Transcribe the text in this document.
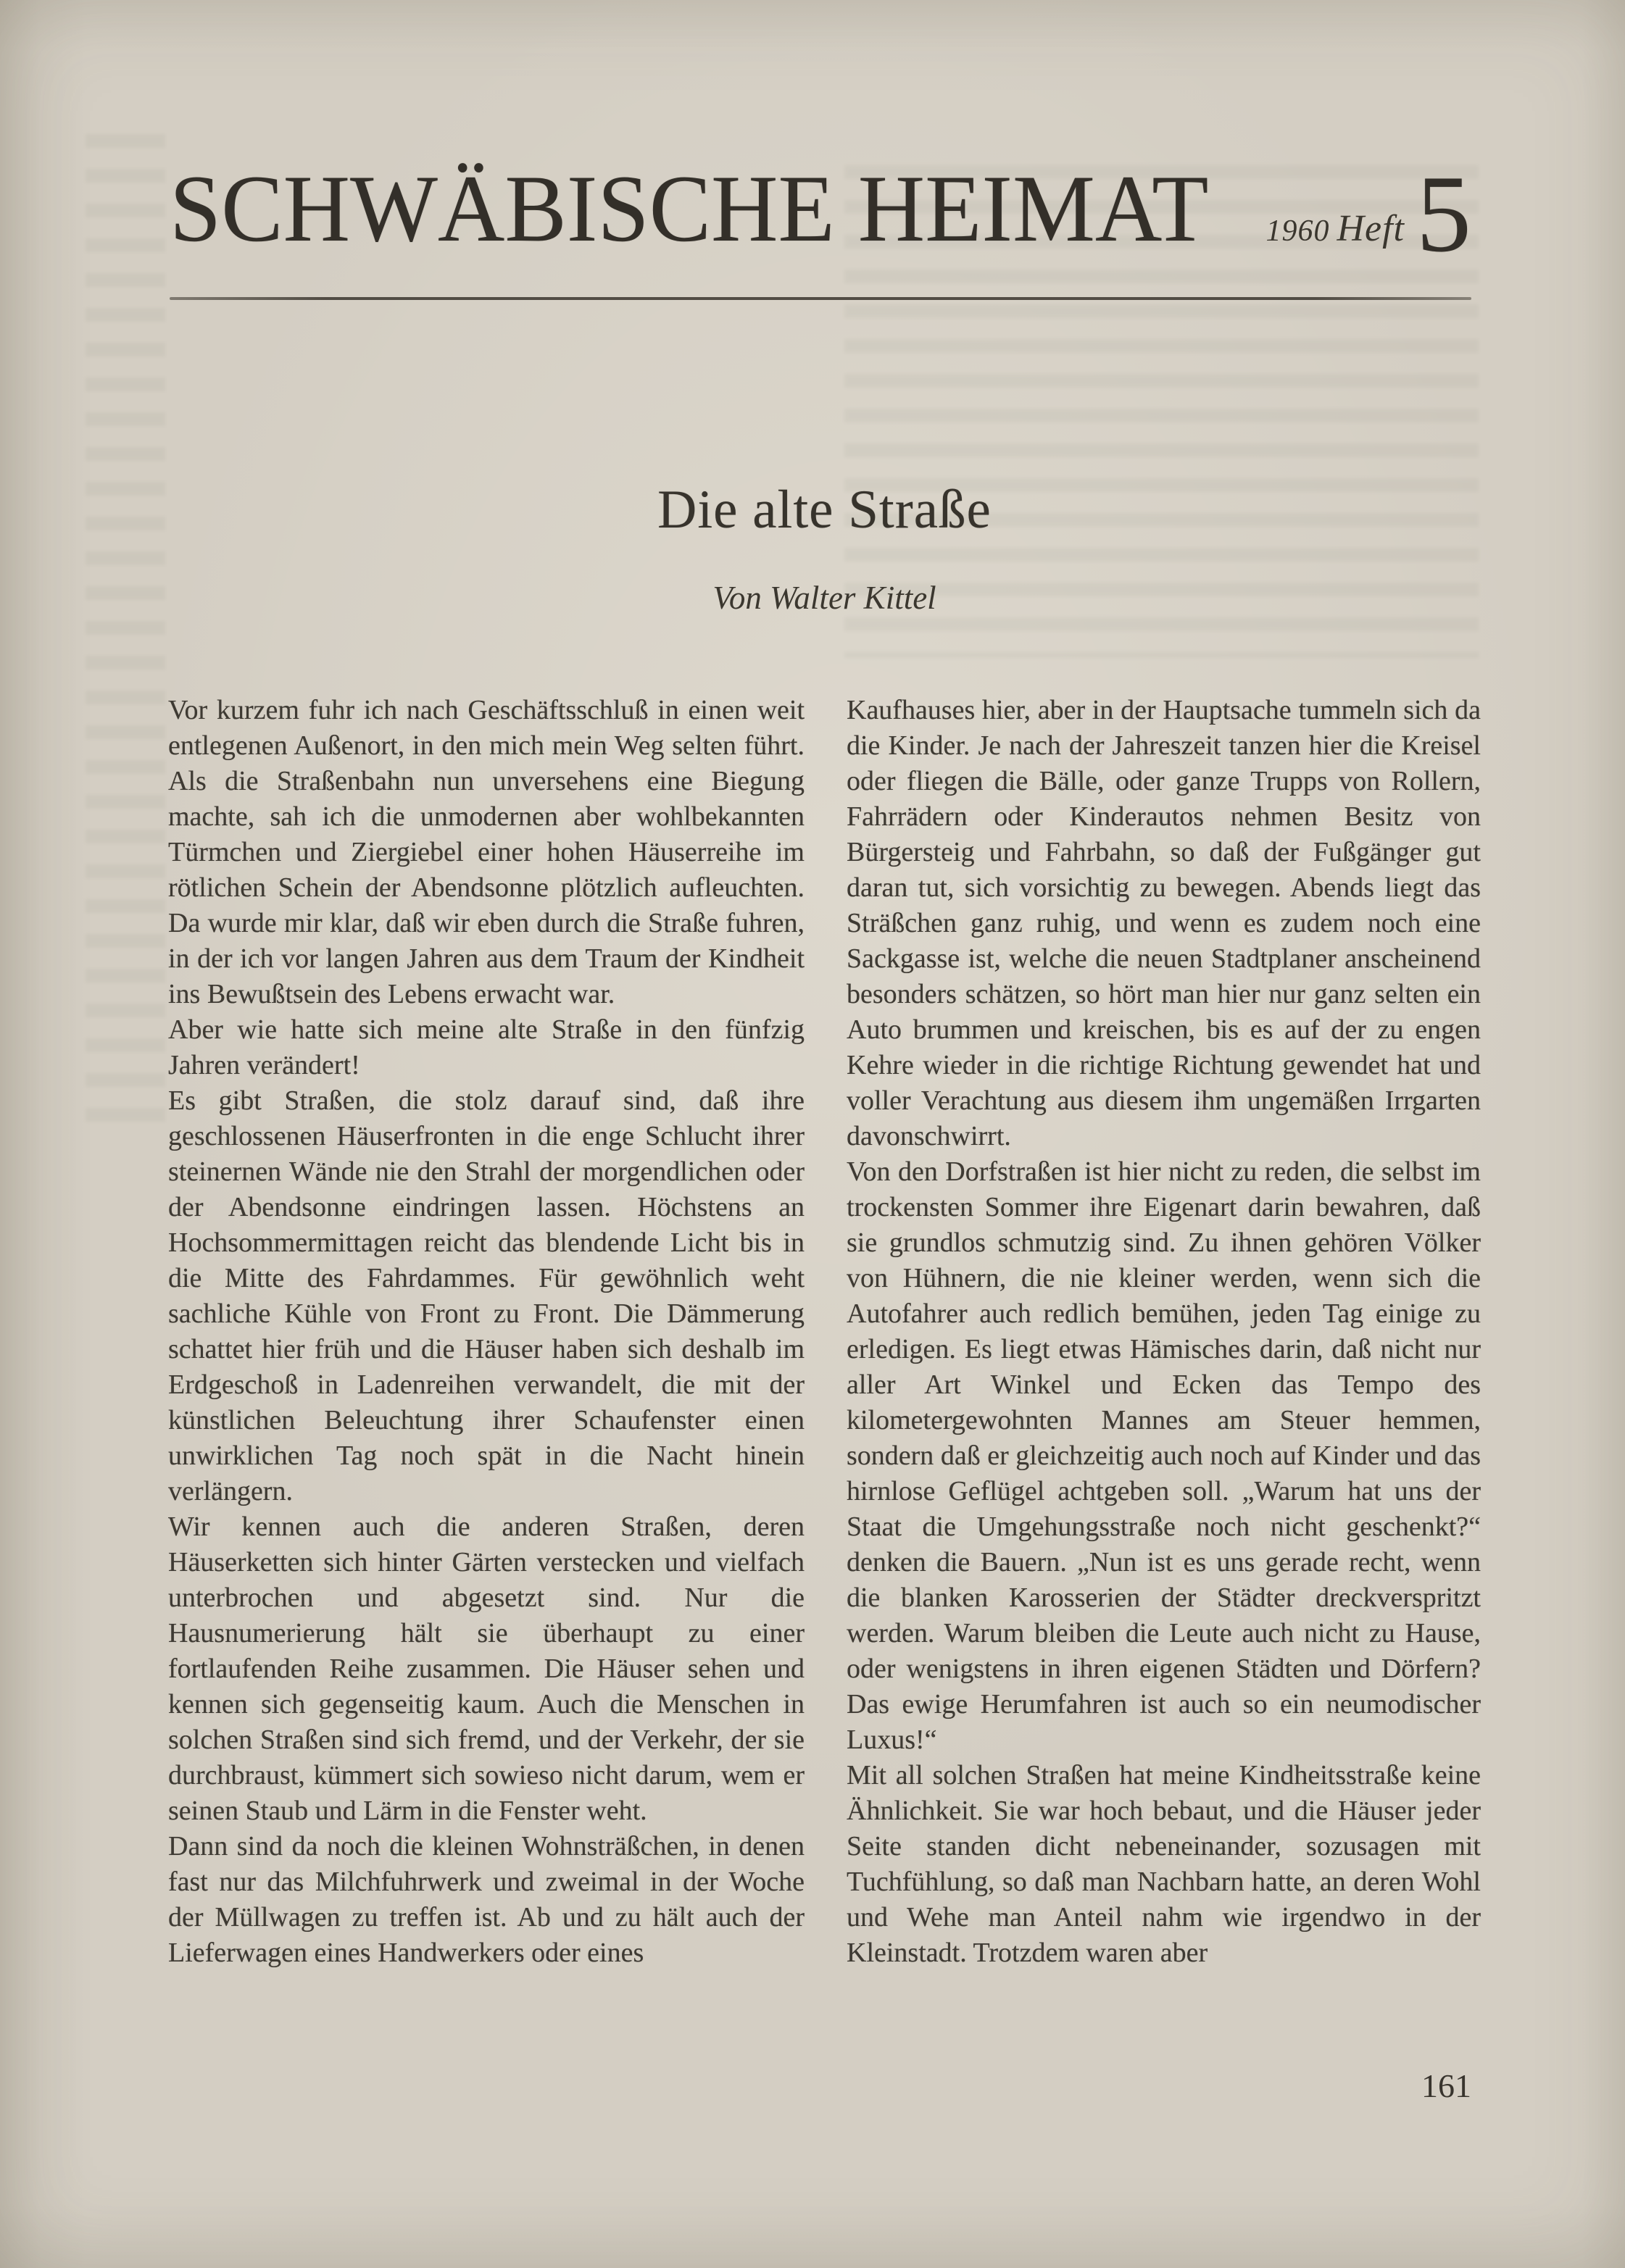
SCHWÄBISCHE HEIMAT 1960 Heft 5
Die alte Straße
Von Walter Kittel

Vor kurzem fuhr ich nach Geschäftsschluß in einen weit entlegenen Außenort, in den mich mein Weg selten führt. Als die Straßenbahn nun unversehens eine Biegung machte, sah ich die unmodernen aber wohlbekannten Türmchen und Ziergiebel einer hohen Häuserreihe im rötlichen Schein der Abendsonne plötzlich aufleuchten. Da wurde mir klar, daß wir eben durch die Straße fuhren, in der ich vor langen Jahren aus dem Traum der Kindheit ins Bewußtsein des Lebens erwacht war.

Aber wie hatte sich meine alte Straße in den fünfzig Jahren verändert!

Es gibt Straßen, die stolz darauf sind, daß ihre geschlossenen Häuserfronten in die enge Schlucht ihrer steinernen Wände nie den Strahl der morgendlichen oder der Abendsonne eindringen lassen. Höchstens an Hochsommermittagen reicht das blendende Licht bis in die Mitte des Fahrdammes. Für gewöhnlich weht sachliche Kühle von Front zu Front. Die Dämmerung schattet hier früh und die Häuser haben sich deshalb im Erdgeschoß in Ladenreihen verwandelt, die mit der künstlichen Beleuchtung ihrer Schaufenster einen unwirklichen Tag noch spät in die Nacht hinein verlängern.

Wir kennen auch die anderen Straßen, deren Häuserketten sich hinter Gärten verstecken und vielfach unterbrochen und abgesetzt sind. Nur die Hausnumerierung hält sie überhaupt zu einer fortlaufenden Reihe zusammen. Die Häuser sehen und kennen sich gegenseitig kaum. Auch die Menschen in solchen Straßen sind sich fremd, und der Verkehr, der sie durchbraust, kümmert sich sowieso nicht darum, wem er seinen Staub und Lärm in die Fenster weht.

Dann sind da noch die kleinen Wohnsträßchen, in denen fast nur das Milchfuhrwerk und zweimal in der Woche der Müllwagen zu treffen ist. Ab und zu hält auch der Lieferwagen eines Handwerkers oder eines

Kaufhauses hier, aber in der Hauptsache tummeln sich da die Kinder. Je nach der Jahreszeit tanzen hier die Kreisel oder fliegen die Bälle, oder ganze Trupps von Rollern, Fahrrädern oder Kinderautos nehmen Besitz von Bürgersteig und Fahrbahn, so daß der Fußgänger gut daran tut, sich vorsichtig zu bewegen. Abends liegt das Sträßchen ganz ruhig, und wenn es zudem noch eine Sackgasse ist, welche die neuen Stadtplaner anscheinend besonders schätzen, so hört man hier nur ganz selten ein Auto brummen und kreischen, bis es auf der zu engen Kehre wieder in die richtige Richtung gewendet hat und voller Verachtung aus diesem ihm ungemäßen Irrgarten davonschwirrt.

Von den Dorfstraßen ist hier nicht zu reden, die selbst im trockensten Sommer ihre Eigenart darin bewahren, daß sie grundlos schmutzig sind. Zu ihnen gehören Völker von Hühnern, die nie kleiner werden, wenn sich die Autofahrer auch redlich bemühen, jeden Tag einige zu erledigen. Es liegt etwas Hämisches darin, daß nicht nur aller Art Winkel und Ecken das Tempo des kilometergewohnten Mannes am Steuer hemmen, sondern daß er gleichzeitig auch noch auf Kinder und das hirnlose Geflügel achtgeben soll. „Warum hat uns der Staat die Umgehungsstraße noch nicht geschenkt?“ denken die Bauern. „Nun ist es uns gerade recht, wenn die blanken Karosserien der Städter dreckverspritzt werden. Warum bleiben die Leute auch nicht zu Hause, oder wenigstens in ihren eigenen Städten und Dörfern? Das ewige Herumfahren ist auch so ein neumodischer Luxus!“

Mit all solchen Straßen hat meine Kindheitsstraße keine Ähnlichkeit. Sie war hoch bebaut, und die Häuser jeder Seite standen dicht nebeneinander, sozusagen mit Tuchfühlung, so daß man Nachbarn hatte, an deren Wohl und Wehe man Anteil nahm wie irgendwo in der Kleinstadt. Trotzdem waren aber

161
